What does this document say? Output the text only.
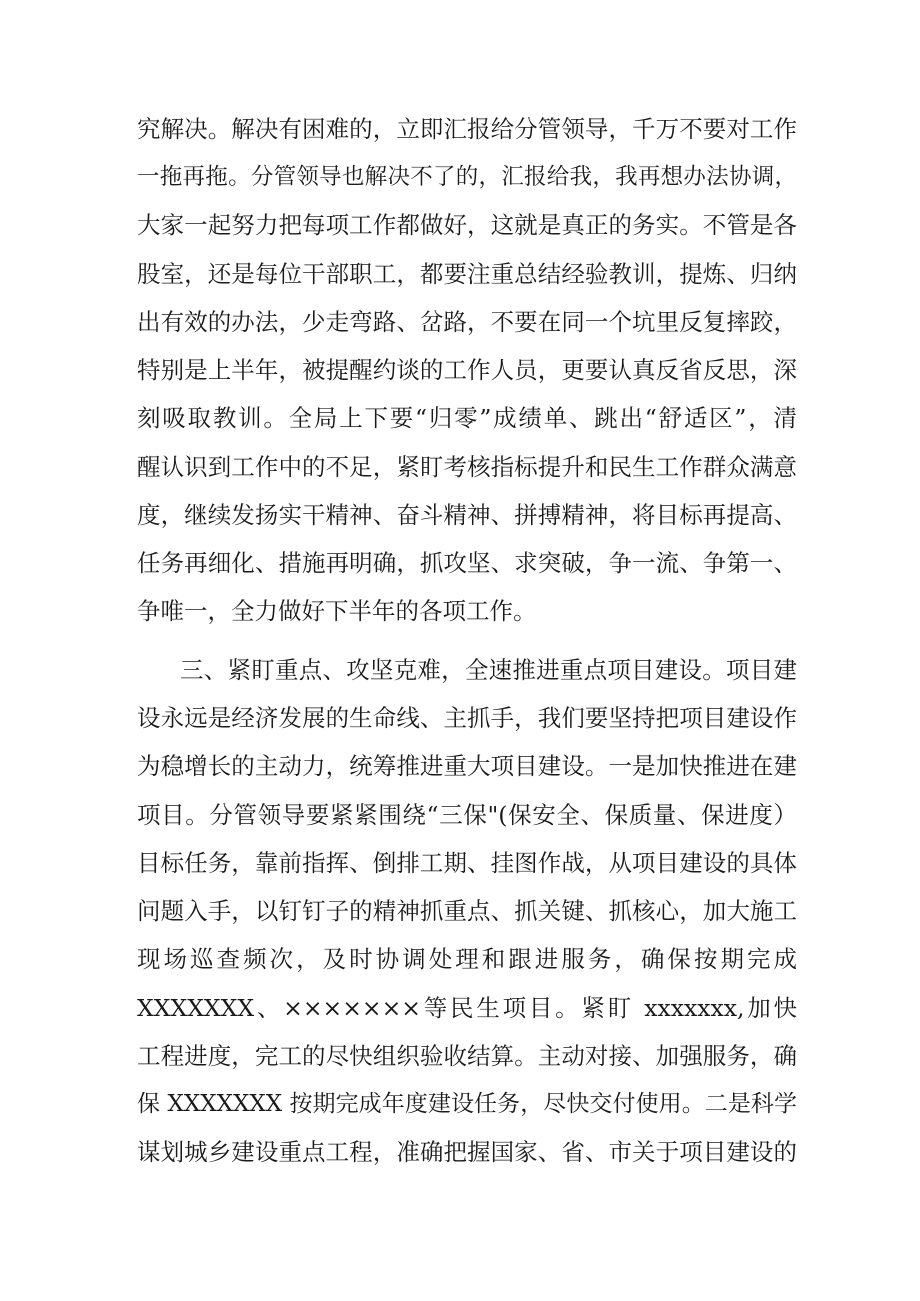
究解决。解决有困难的，立即汇报给分管领导，千万不要对工作
一拖再拖。分管领导也解决不了的，汇报给我，我再想办法协调，
大家一起努力把每项工作都做好，这就是真正的务实。不管是各
股室，还是每位干部职工，都要注重总结经验教训，提炼、归纳
出有效的办法，少走弯路、岔路，不要在同一个坑里反复摔跤，
特别是上半年，被提醒约谈的工作人员，更要认真反省反思，深
刻吸取教训。全局上下要“归零”成绩单、跳出“舒适区”，清
醒认识到工作中的不足，紧盯考核指标提升和民生工作群众满意
度，继续发扬实干精神、奋斗精神、拼搏精神，将目标再提高、
任务再细化、措施再明确，抓攻坚、求突破，争一流、争第一、
争唯一，全力做好下半年的各项工作。
三、紧盯重点、攻坚克难，全速推进重点项目建设。项目建
设永远是经济发展的生命线、主抓手，我们要坚持把项目建设作
为稳增长的主动力，统筹推进重大项目建设。一是加快推进在建
项目。分管领导要紧紧围绕“三保"(保安全、保质量、保进度）
目标任务，靠前指挥、倒排工期、挂图作战，从项目建设的具体
问题入手，以钉钉子的精神抓重点、抓关键、抓核心，加大施工
现场巡查频次，及时协调处理和跟进服务，确保按期完成
XXXXXXX、×××××××等民生项目。紧盯 xxxxxxx,加快
工程进度，完工的尽快组织验收结算。主动对接、加强服务，确
保 XXXXXXX 按期完成年度建设任务，尽快交付使用。二是科学
谋划城乡建设重点工程，准确把握国家、省、市关于项目建设的
